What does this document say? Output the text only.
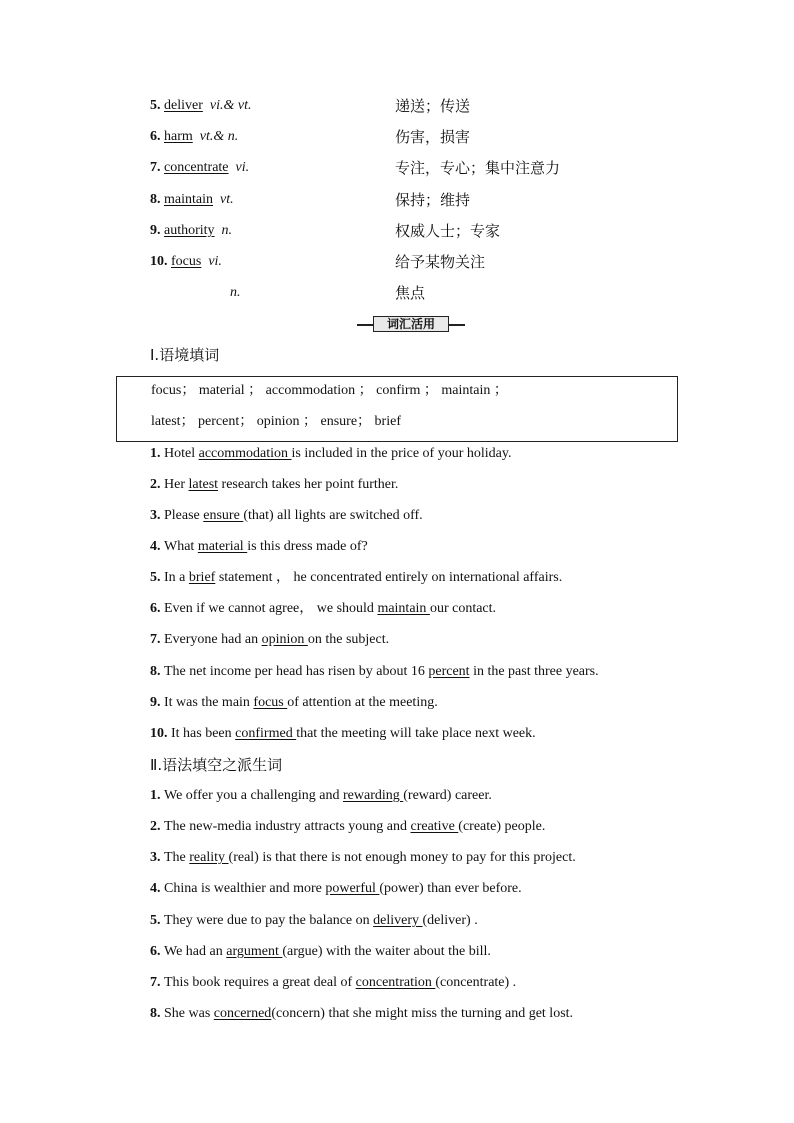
5. deliver vi.& vt.	递送；传送
6. harm vt.& n.	伤害，损害
7. concentrate vi.	专注，专心；集中注意力
8. maintain vt.	保持；维持
9. authority n.	权威人士；专家
10. focus vi.	给予某物关注
n.	焦点
词汇活用
Ⅰ.语境填词
focus； material ； accommodation ； confirm ； maintain ；
latest； percent； opinion ； ensure； brief
1. Hotel accommodation is included in the price of your holiday.
2. Her latest research takes her point further.
3. Please ensure (that) all lights are switched off.
4. What material is this dress made of?
5. In a brief statement ， he concentrated entirely on international affairs.
6. Even if we cannot agree， we should maintain our contact.
7. Everyone had an opinion on the subject.
8. The net income per head has risen by about 16 percent in the past three years.
9. It was the main focus of attention at the meeting.
10. It has been confirmed that the meeting will take place next week.
Ⅱ.语法填空之派生词
1. We offer you a challenging and rewarding (reward) career.
2. The new-media industry attracts young and creative (create) people.
3. The reality (real) is that there is not enough money to pay for this project.
4. China is wealthier and more powerful (power) than ever before.
5. They were due to pay the balance on delivery (deliver) .
6. We had an argument (argue) with the waiter about the bill.
7. This book requires a great deal of concentration (concentrate) .
8. She was concerned(concern) that she might miss the turning and get lost.
